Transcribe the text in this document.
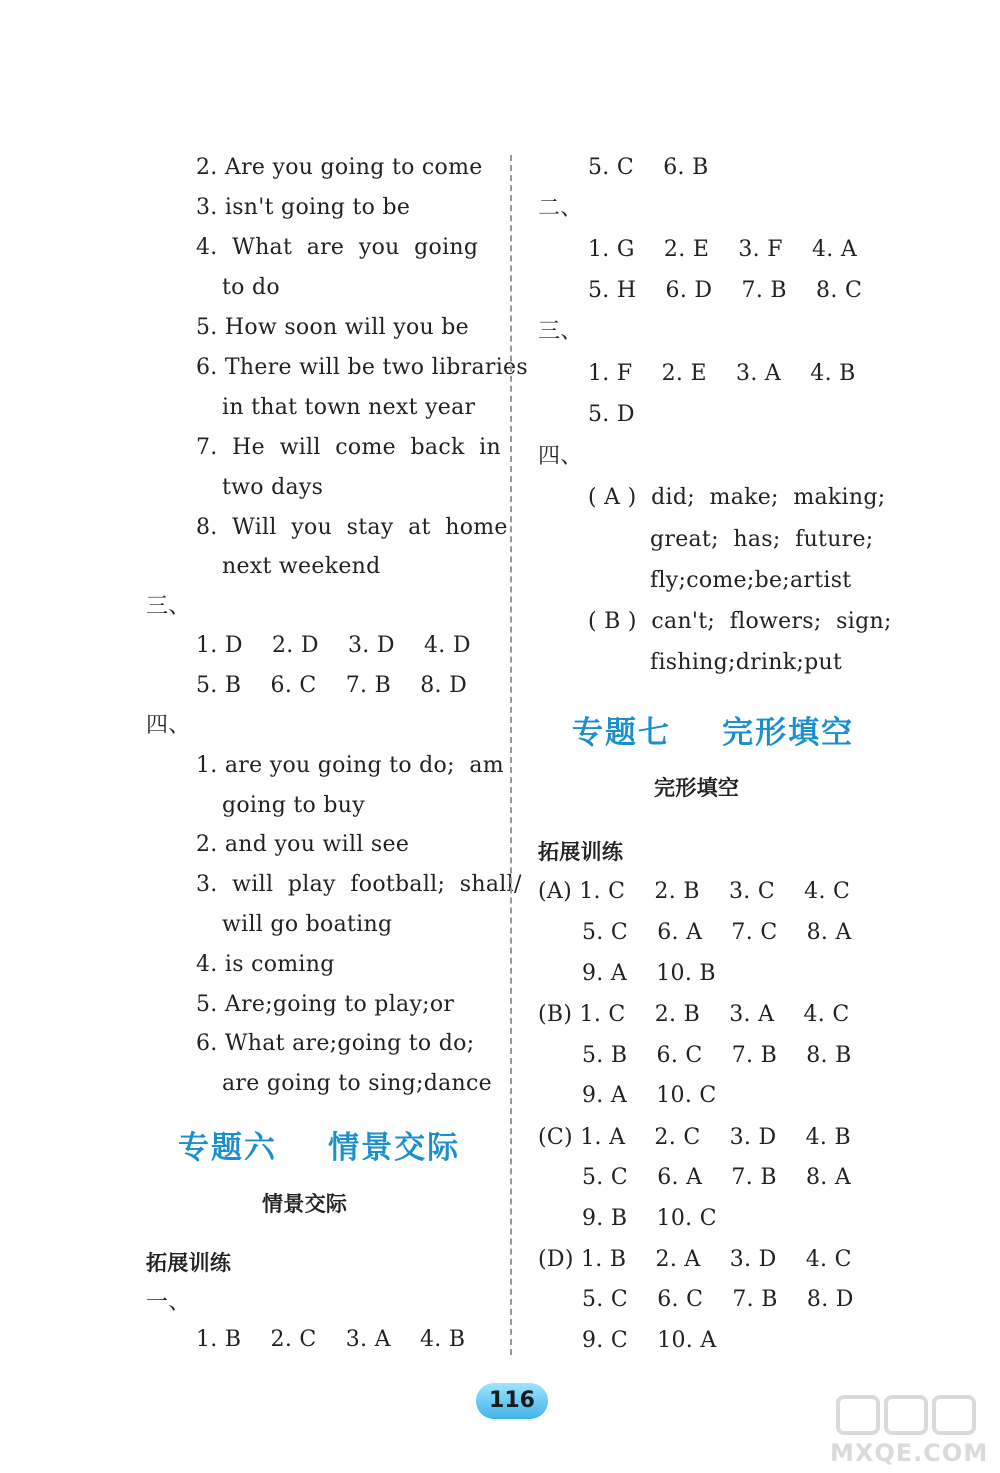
2. Are you going to come
3. isn't going to be
4.  What  are  you  going
to do
5. How soon will you be
6. There will be two libraries
in that town next year
7.  He  will  come  back  in
two days
8.  Will  you  stay  at  home
next weekend
三、
1. D    2. D    3. D    4. D
5. B    6. C    7. B    8. D
四、
1. are you going to do;  am
going to buy
2. and you will see
3.  will  play  football;  shall/
will go boating
4. is coming
5. Are;going to play;or
6. What are;going to do;
are going to sing;dance
专题六    情景交际
情景交际
拓展训练
一、
1. B    2. C    3. A    4. B
5. C    6. B
二、
1. G    2. E    3. F    4. A
5. H    6. D    7. B    8. C
三、
1. F    2. E    3. A    4. B
5. D
四、
( A )  did;  make;  making;
great;  has;  future;
fly;come;be;artist
( B )  can't;  flowers;  sign;
fishing;drink;put
专题七    完形填空
完形填空
拓展训练
(A) 1. C    2. B    3. C    4. C
5. C    6. A    7. C    8. A
9. A    10. B
(B) 1. C    2. B    3. A    4. C
5. B    6. C    7. B    8. B
9. A    10. C
(C) 1. A    2. C    3. D    4. B
5. C    6. A    7. B    8. A
9. B    10. C
(D) 1. B    2. A    3. D    4. C
5. C    6. C    7. B    8. D
9. C    10. A
116
MXQE.COM
